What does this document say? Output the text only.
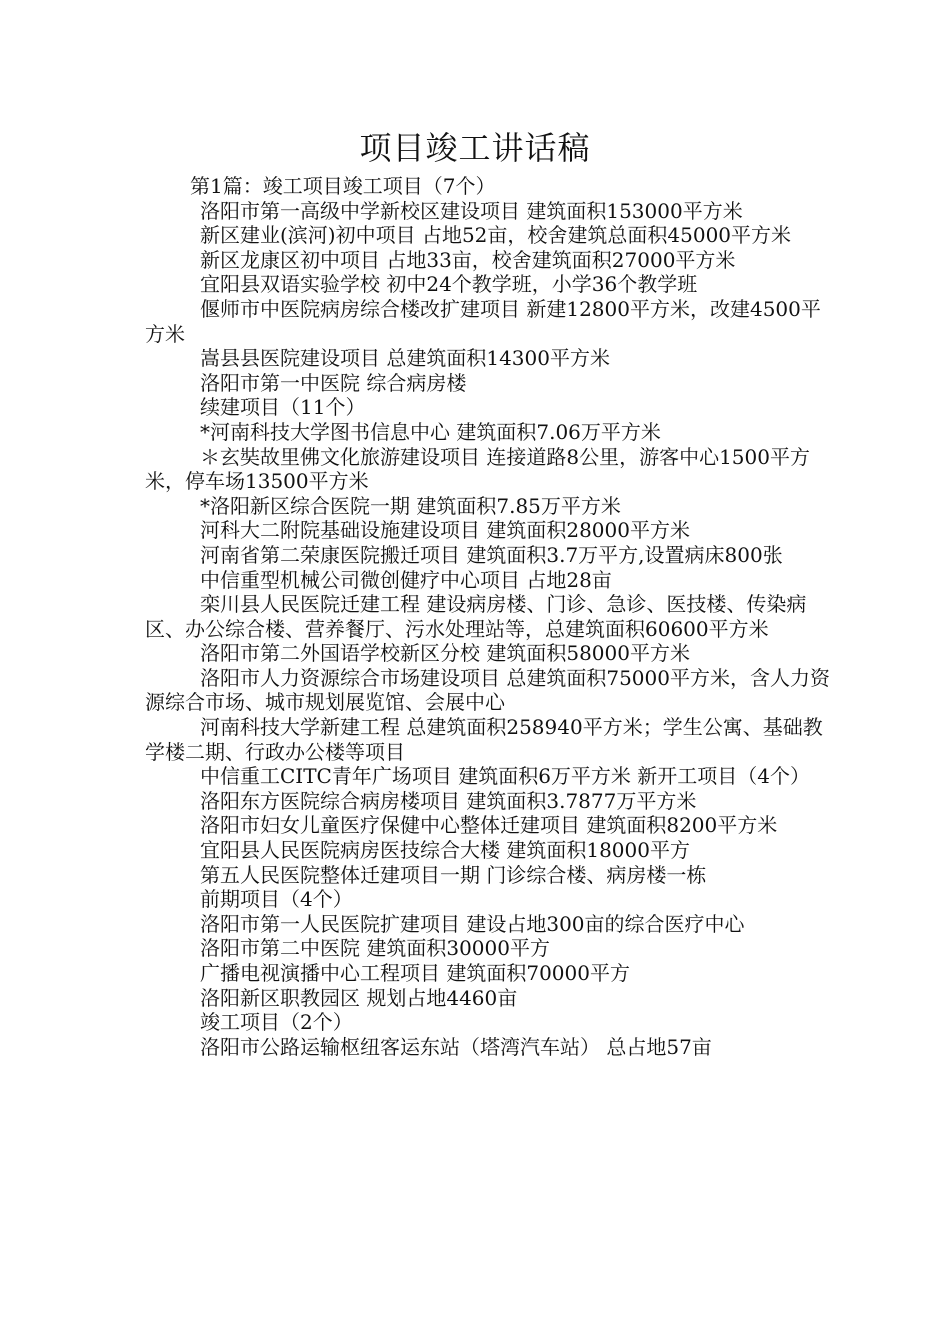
项目竣工讲话稿

第1篇：竣工项目竣工项目（7个）

洛阳市第一高级中学新校区建设项目 建筑面积153000平方米

新区建业(滨河)初中项目 占地52亩，校舍建筑总面积45000平方米

新区龙康区初中项目 占地33亩，校舍建筑面积27000平方米

宜阳县双语实验学校 初中24个教学班，小学36个教学班

偃师市中医院病房综合楼改扩建项目 新建12800平方米，改建4500平方米

嵩县县医院建设项目 总建筑面积14300平方米

洛阳市第一中医院 综合病房楼

续建项目（11个）

*河南科技大学图书信息中心 建筑面积7.06万平方米

＊玄奘故里佛文化旅游建设项目 连接道路8公里，游客中心1500平方米，停车场13500平方米

*洛阳新区综合医院一期 建筑面积7.85万平方米

河科大二附院基础设施建设项目 建筑面积28000平方米

河南省第二荣康医院搬迁项目 建筑面积3.7万平方,设置病床800张

中信重型机械公司微创健疗中心项目 占地28亩

栾川县人民医院迁建工程 建设病房楼、门诊、急诊、医技楼、传染病区、办公综合楼、营养餐厅、污水处理站等，总建筑面积60600平方米

洛阳市第二外国语学校新区分校 建筑面积58000平方米

洛阳市人力资源综合市场建设项目 总建筑面积75000平方米，含人力资源综合市场、城市规划展览馆、会展中心

河南科技大学新建工程 总建筑面积258940平方米；学生公寓、基础教学楼二期、行政办公楼等项目

中信重工CITC青年广场项目 建筑面积6万平方米 新开工项目（4个）

洛阳东方医院综合病房楼项目 建筑面积3.7877万平方米

洛阳市妇女儿童医疗保健中心整体迁建项目 建筑面积8200平方米

宜阳县人民医院病房医技综合大楼 建筑面积18000平方

第五人民医院整体迁建项目一期 门诊综合楼、病房楼一栋

前期项目（4个）

洛阳市第一人民医院扩建项目 建设占地300亩的综合医疗中心

洛阳市第二中医院 建筑面积30000平方

广播电视演播中心工程项目 建筑面积70000平方

洛阳新区职教园区 规划占地4460亩

竣工项目（2个）

洛阳市公路运输枢纽客运东站（塔湾汽车站） 总占地57亩
